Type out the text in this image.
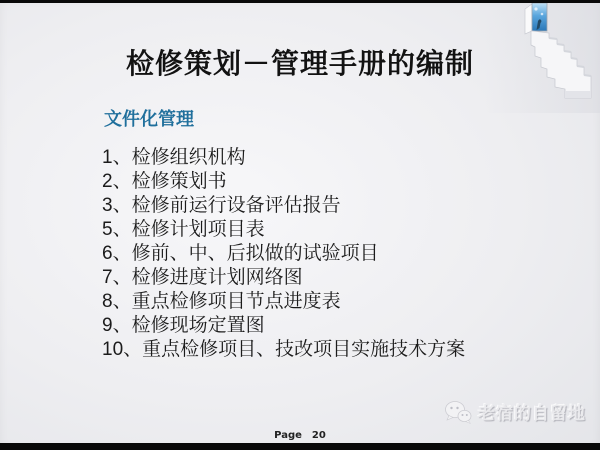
检修策划－管理手册的编制
文件化管理
1、检修组织机构
2、检修策划书
3、检修前运行设备评估报告
5、检修计划项目表
6、修前、中、后拟做的试验项目
7、检修进度计划网络图
8、重点检修项目节点进度表
9、检修现场定置图
10、重点检修项目、技改项目实施技术方案
Page 20
老宿的自留地
